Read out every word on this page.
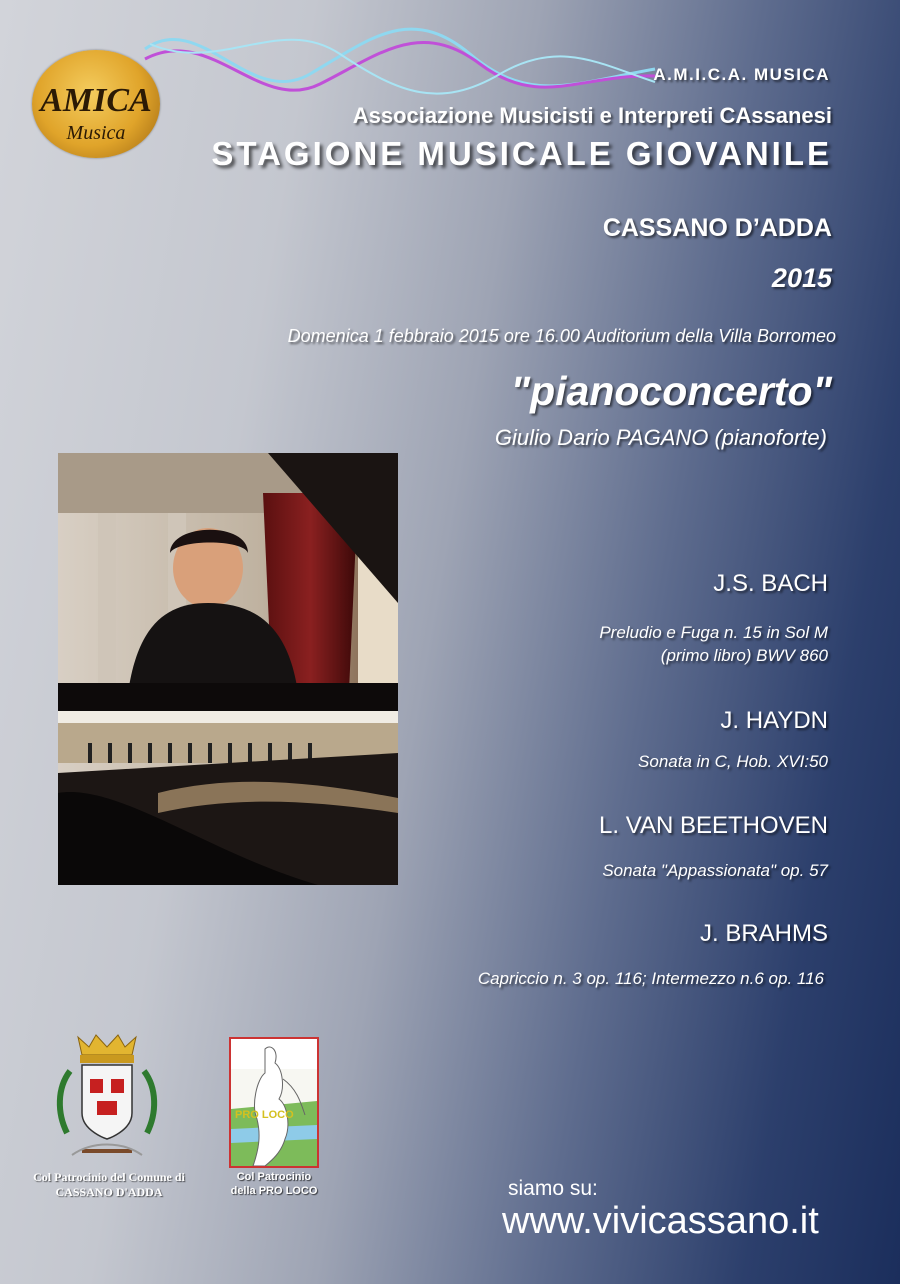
AMICA
Musica
A.M.I.C.A. MUSICA
Associazione Musicisti e Interpreti CAssanesi
STAGIONE MUSICALE GIOVANILE
CASSANO D’ADDA
2015
Domenica 1 febbraio 2015 ore 16.00 Auditorium della Villa Borromeo
"pianoconcerto"
Giulio Dario PAGANO (pianoforte)
J.S. BACH
Preludio e Fuga n. 15 in Sol M
(primo libro) BWV 860
J. HAYDN
Sonata in C, Hob. XVI:50
L. VAN BEETHOVEN
Sonata "Appassionata" op. 57
J. BRAHMS
Capriccio n. 3 op. 116; Intermezzo n.6 op. 116
Col Patrocinio del Comune di
CASSANO D'ADDA
PRO LOCO
Col Patrocinio
della PRO LOCO	siamo su:
www.vivicassano.it
